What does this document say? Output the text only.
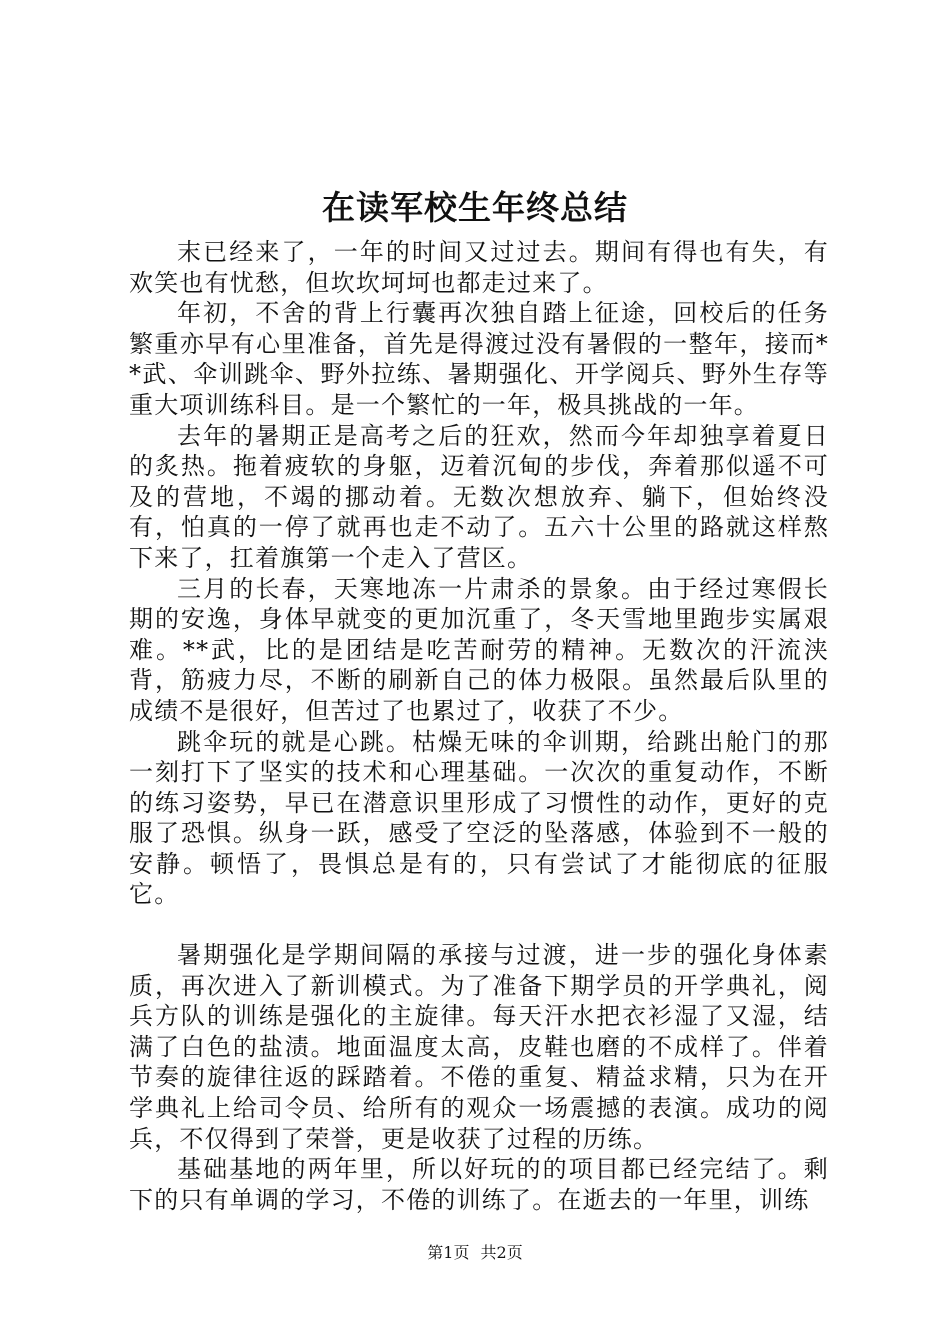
在读军校生年终总结

末已经来了，一年的时间又过过去。期间有得也有失，有欢笑也有忧愁，但坎坎坷坷也都走过来了。

年初，不舍的背上行囊再次独自踏上征途，回校后的任务繁重亦早有心里准备，首先是得渡过没有暑假的一整年，接而**武、伞训跳伞、野外拉练、暑期强化、开学阅兵、野外生存等重大项训练科目。是一个繁忙的一年，极具挑战的一年。

去年的暑期正是高考之后的狂欢，然而今年却独享着夏日的炙热。拖着疲软的身躯，迈着沉甸的步伐，奔着那似遥不可及的营地，不竭的挪动着。无数次想放弃、躺下，但始终没有，怕真的一停了就再也走不动了。五六十公里的路就这样熬下来了，扛着旗第一个走入了营区。

三月的长春，天寒地冻一片肃杀的景象。由于经过寒假长期的安逸，身体早就变的更加沉重了，冬天雪地里跑步实属艰难。**武，比的是团结是吃苦耐劳的精神。无数次的汗流浃背，筋疲力尽，不断的刷新自己的体力极限。虽然最后队里的成绩不是很好，但苦过了也累过了，收获了不少。

跳伞玩的就是心跳。枯燥无味的伞训期，给跳出舱门的那一刻打下了坚实的技术和心理基础。一次次的重复动作，不断的练习姿势，早已在潜意识里形成了习惯性的动作，更好的克服了恐惧。纵身一跃，感受了空泛的坠落感，体验到不一般的安静。顿悟了，畏惧总是有的，只有尝试了才能彻底的征服它。

暑期强化是学期间隔的承接与过渡，进一步的强化身体素质，再次进入了新训模式。为了准备下期学员的开学典礼，阅兵方队的训练是强化的主旋律。每天汗水把衣衫湿了又湿，结满了白色的盐渍。地面温度太高，皮鞋也磨的不成样了。伴着节奏的旋律往返的踩踏着。不倦的重复、精益求精，只为在开学典礼上给司令员、给所有的观众一场震撼的表演。成功的阅兵，不仅得到了荣誉，更是收获了过程的历练。

基础基地的两年里，所以好玩的的项目都已经完结了。剩下的只有单调的学习，不倦的训练了。在逝去的一年里，训练

第1页 共2页
